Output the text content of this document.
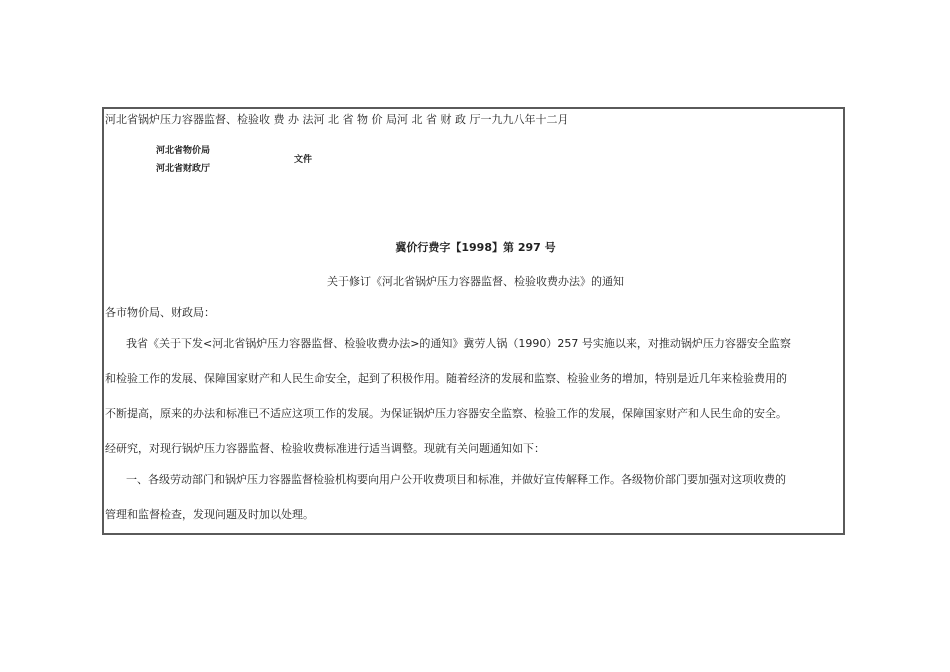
河北省锅炉压力容器监督、检验收 费 办 法河 北 省 物 价 局河 北 省 财 政 厅一九九八年十二月
河北省物价局
河北省财政厅
文件
冀价行费字【1998】第 297 号
关于修订《河北省锅炉压力容器监督、检验收费办法》的通知
各市物价局、财政局：
我省《关于下发<河北省锅炉压力容器监督、检验收费办法>的通知》冀劳人锅（1990）257 号实施以来，对推动锅炉压力容器安全监察
和检验工作的发展、保障国家财产和人民生命安全，起到了积极作用。随着经济的发展和监察、检验业务的增加，特别是近几年来检验费用的
不断提高，原来的办法和标准已不适应这项工作的发展。为保证锅炉压力容器安全监察、检验工作的发展，保障国家财产和人民生命的安全。
经研究，对现行锅炉压力容器监督、检验收费标准进行适当调整。现就有关问题通知如下：
一、各级劳动部门和锅炉压力容器监督检验机构要向用户公开收费项目和标准，并做好宣传解释工作。各级物价部门要加强对这项收费的
管理和监督检查，发现问题及时加以处理。
